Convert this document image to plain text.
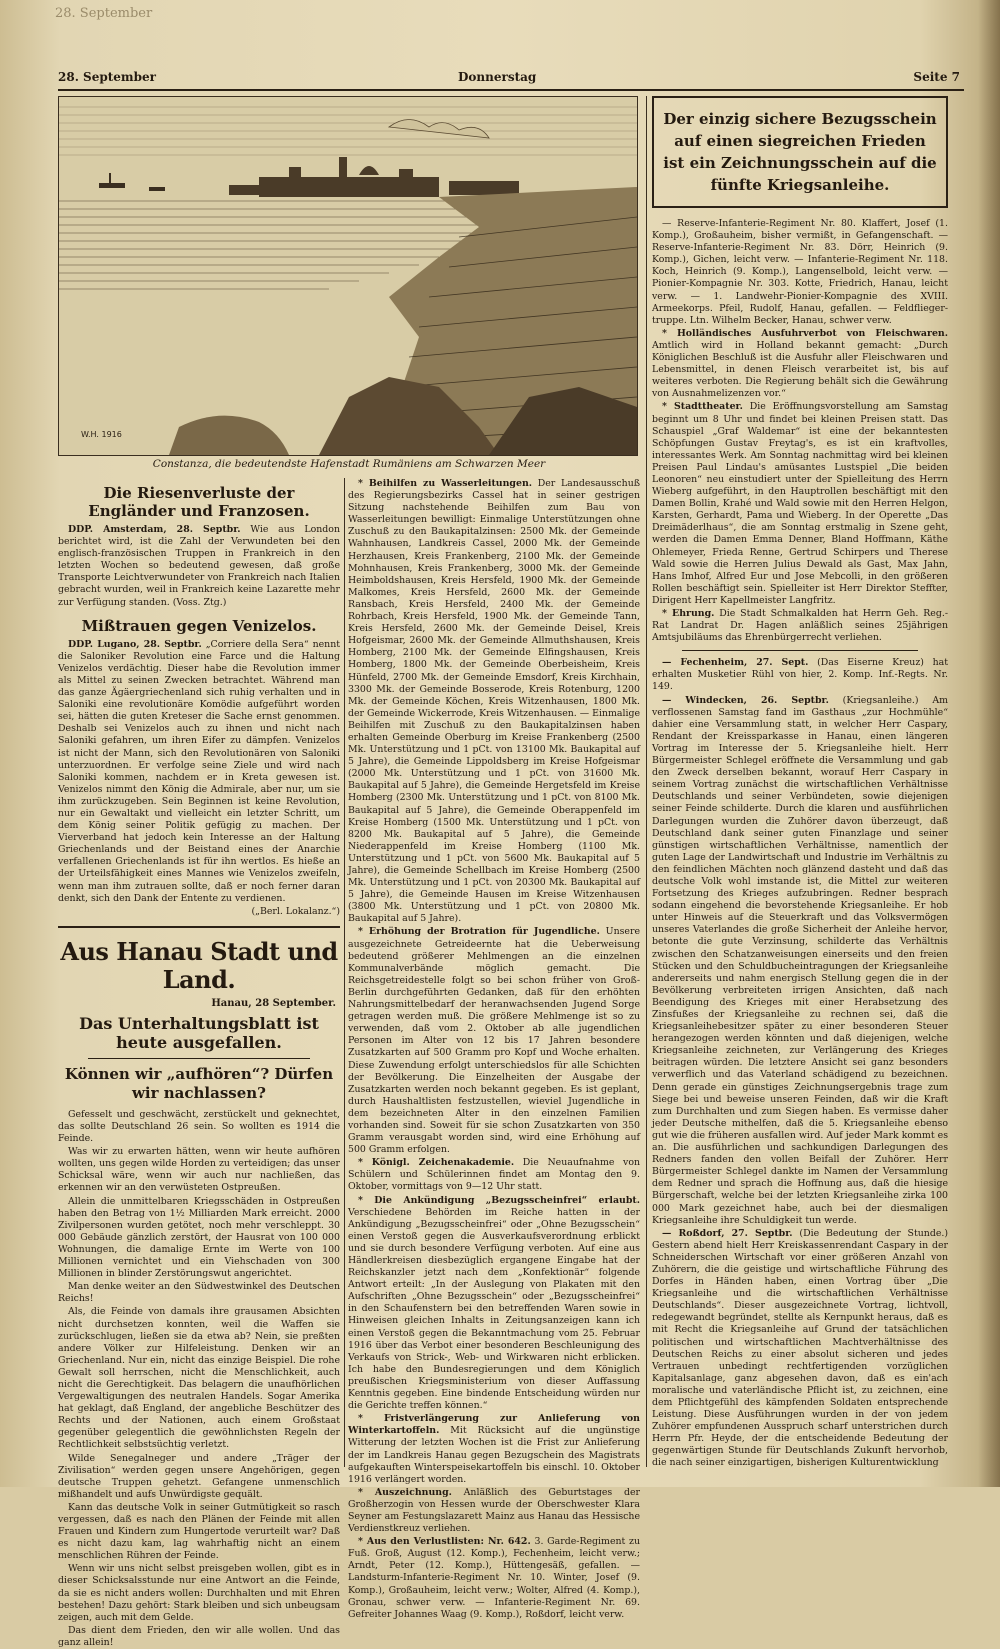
28. September
28. September	Donnerstag	Seite 7
W.H. 1916
Constanza, die bedeutendste Hafenstadt Rumäniens am Schwarzen Meer
Die Riesenverluste der Engländer und Franzosen.

DDP. Amsterdam, 28. Septbr. Wie aus London berichtet wird, ist die Zahl der Verwundeten bei den englisch-französischen Truppen in Frankreich in den letzten Wochen so bedeutend gewesen, daß große Transporte Leichtverwundeter von Frankreich nach Italien gebracht wurden, weil in Frankreich keine Lazarette mehr zur Verfügung standen. (Voss. Ztg.)

Mißtrauen gegen Venizelos.

DDP. Lugano, 28. Septbr. „Corriere della Sera“ nennt die Saloniker Revolution eine Farce und die Haltung Venizelos verdächtig. Dieser habe die Revolution immer als Mittel zu seinen Zwecken betrachtet. Während man das ganze Ägäergriechenland sich ruhig verhalten und in Saloniki eine revolutionäre Komödie aufgeführt worden sei, hätten die guten Kreteser die Sache ernst genommen. Deshalb sei Venizelos auch zu ihnen und nicht nach Saloniki gefahren, um ihren Eifer zu dämpfen. Venizelos ist nicht der Mann, sich den Revolutionären von Saloniki unterzuordnen. Er verfolge seine Ziele und wird nach Saloniki kommen, nachdem er in Kreta gewesen ist. Venizelos nimmt den König die Admirale, aber nur, um sie ihm zurückzugeben. Sein Beginnen ist keine Revolution, nur ein Gewaltakt und vielleicht ein letzter Schritt, um dem König seiner Politik gefügig zu machen. Der Vierverband hat jedoch kein Interesse an der Haltung Griechenlands und der Beistand eines der Anarchie verfallenen Griechenlands ist für ihn wertlos. Es hieße an der Urteilsfähigkeit eines Mannes wie Venizelos zweifeln, wenn man ihm zutrauen sollte, daß er noch ferner daran denkt, sich den Dank der Entente zu verdienen.

(„Berl. Lokalanz.“)

Aus Hanau Stadt und Land.
Hanau, 28 September.
Das Unterhaltungsblatt ist heute ausgefallen.
Können wir „aufhören“? Dürfen wir nachlassen?

Gefesselt und geschwächt, zerstückelt und geknechtet, das sollte Deutschland 26 sein. So wollten es 1914 die Feinde.

Was wir zu erwarten hätten, wenn wir heute aufhören wollten, uns gegen wilde Horden zu verteidigen; das unser Schicksal wäre, wenn wir auch nur nachließen, das erkennen wir an den verwüsteten Ostpreußen.

Allein die unmittelbaren Kriegsschäden in Ostpreußen haben den Betrag von 1½ Milliarden Mark erreicht. 2000 Zivilpersonen wurden getötet, noch mehr verschleppt. 30 000 Gebäude gänzlich zerstört, der Hausrat von 100 000 Wohnungen, die damalige Ernte im Werte von 100 Millionen vernichtet und ein Viehschaden von 300 Millionen in blinder Zerstörungswut angerichtet.

Man denke weiter an den Südwestwinkel des Deutschen Reichs!

Als, die Feinde von damals ihre grausamen Absichten nicht durchsetzen konnten, weil die Waffen sie zurückschlugen, ließen sie da etwa ab? Nein, sie preßten andere Völker zur Hilfeleistung. Denken wir an Griechenland. Nur ein, nicht das einzige Beispiel. Die rohe Gewalt soll herrschen, nicht die Menschlichkeit, auch nicht die Gerechtigkeit. Das belagern die unaufhörlichen Vergewaltigungen des neutralen Handels. Sogar Amerika hat geklagt, daß England, der angebliche Beschützer des Rechts und der Nationen, auch einem Großstaat gegenüber gelegentlich die gewöhnlichsten Regeln der Rechtlichkeit selbstsüchtig verletzt.

Wilde Senegalneger und andere „Träger der Zivilisation“ werden gegen unsere Angehörigen, gegen deutsche Truppen gehetzt. Gefangene unmenschlich mißhandelt und aufs Unwürdigste gequält.

Kann das deutsche Volk in seiner Gutmütigkeit so rasch vergessen, daß es nach den Plänen der Feinde mit allen Frauen und Kindern zum Hungertode verurteilt war? Daß es nicht dazu kam, lag wahrhaftig nicht an einem menschlichen Rühren der Feinde.

Wenn wir uns nicht selbst preisgeben wollen, gibt es in dieser Schicksalsstunde nur eine Antwort an die Feinde, da sie es nicht anders wollen: Durchhalten und mit Ehren bestehen! Dazu gehört: Stark bleiben und sich unbeugsam zeigen, auch mit dem Gelde.

Das dient dem Frieden, den wir alle wollen. Und das ganz allein!

* Beihilfen zu Wasserleitungen. Der Landesausschuß des Regierungsbezirks Cassel hat in seiner gestrigen Sitzung nachstehende Beihilfen zum Bau von Wasserleitungen bewilligt: Einmalige Unterstützungen ohne Zuschuß zu den Baukapitalzinsen: 2500 Mk. der Gemeinde Wahnhausen, Landkreis Cassel, 2000 Mk. der Gemeinde Herzhausen, Kreis Frankenberg, 2100 Mk. der Gemeinde Mohnhausen, Kreis Frankenberg, 3000 Mk. der Gemeinde Heimboldshausen, Kreis Hersfeld, 1900 Mk. der Gemeinde Malkomes, Kreis Hersfeld, 2600 Mk. der Gemeinde Ransbach, Kreis Hersfeld, 2400 Mk. der Gemeinde Rohrbach, Kreis Hersfeld, 1900 Mk. der Gemeinde Tann, Kreis Hersfeld, 2600 Mk. der Gemeinde Deisel, Kreis Hofgeismar, 2600 Mk. der Gemeinde Allmuthshausen, Kreis Homberg, 2100 Mk. der Gemeinde Elfingshausen, Kreis Homberg, 1800 Mk. der Gemeinde Oberbeisheim, Kreis Hünfeld, 2700 Mk. der Gemeinde Emsdorf, Kreis Kirchhain, 3300 Mk. der Gemeinde Bosserode, Kreis Rotenburg, 1200 Mk. der Gemeinde Köchen, Kreis Witzenhausen, 1800 Mk. der Gemeinde Wickerrode, Kreis Witzenhausen. — Einmalige Beihilfen mit Zuschuß zu den Baukapitalzinsen haben erhalten Gemeinde Oberburg im Kreise Frankenberg (2500 Mk. Unterstützung und 1 pCt. von 13100 Mk. Baukapital auf 5 Jahre), die Gemeinde Lippoldsberg im Kreise Hofgeismar (2000 Mk. Unterstützung und 1 pCt. von 31600 Mk. Baukapital auf 5 Jahre), die Gemeinde Hergetsfeld im Kreise Homberg (2300 Mk. Unterstützung und 1 pCt. von 8100 Mk. Baukapital auf 5 Jahre), die Gemeinde Oberappenfeld im Kreise Homberg (1500 Mk. Unterstützung und 1 pCt. von 8200 Mk. Baukapital auf 5 Jahre), die Gemeinde Niederappenfeld im Kreise Homberg (1100 Mk. Unterstützung und 1 pCt. von 5600 Mk. Baukapital auf 5 Jahre), die Gemeinde Schellbach im Kreise Homberg (2500 Mk. Unterstützung und 1 pCt. von 20300 Mk. Baukapital auf 5 Jahre), die Gemeinde Hausen im Kreise Witzenhausen (3800 Mk. Unterstützung und 1 pCt. von 20800 Mk. Baukapital auf 5 Jahre).

* Erhöhung der Brotration für Jugendliche. Unsere ausgezeichnete Getreideernte hat die Ueberweisung bedeutend größerer Mehlmengen an die einzelnen Kommunalverbände möglich gemacht. Die Reichsgetreidestelle folgt so bei schon früher von Groß-Berlin durchgeführten Gedanken, daß für den erhöhten Nahrungsmittelbedarf der heranwachsenden Jugend Sorge getragen werden muß. Die größere Mehlmenge ist so zu verwenden, daß vom 2. Oktober ab alle jugendlichen Personen im Alter von 12 bis 17 Jahren besondere Zusatzkarten auf 500 Gramm pro Kopf und Woche erhalten. Diese Zuwendung erfolgt unterschiedslos für alle Schichten der Bevölkerung. Die Einzelheiten der Ausgabe der Zusatzkarten werden noch bekannt gegeben. Es ist geplant, durch Haushaltlisten festzustellen, wieviel Jugendliche in dem bezeichneten Alter in den einzelnen Familien vorhanden sind. Soweit für sie schon Zusatzkarten von 350 Gramm verausgabt worden sind, wird eine Erhöhung auf 500 Gramm erfolgen.

* Königl. Zeichenakademie. Die Neuaufnahme von Schülern und Schülerinnen findet am Montag den 9. Oktober, vormittags von 9—12 Uhr statt.

* Die Ankündigung „Bezugsscheinfrei“ erlaubt. Verschiedene Behörden im Reiche hatten in der Ankündigung „Bezugsscheinfrei“ oder „Ohne Bezugsschein“ einen Verstoß gegen die Ausverkaufsverordnung erblickt und sie durch besondere Verfügung verboten. Auf eine aus Händlerkreisen diesbezüglich ergangene Eingabe hat der Reichskanzler jetzt nach dem „Konfektionär“ folgende Antwort erteilt: „In der Auslegung von Plakaten mit den Aufschriften „Ohne Bezugsschein“ oder „Bezugsscheinfrei“ in den Schaufenstern bei den betreffenden Waren sowie in Hinweisen gleichen Inhalts in Zeitungsanzeigen kann ich einen Verstoß gegen die Bekanntmachung vom 25. Februar 1916 über das Verbot einer besonderen Beschleunigung des Verkaufs von Strick-, Web- und Wirkwaren nicht erblicken. Ich habe den Bundesregierungen und dem Königlich preußischen Kriegsministerium von dieser Auffassung Kenntnis gegeben. Eine bindende Entscheidung würden nur die Gerichte treffen können.“

* Fristverlängerung zur Anlieferung von Winterkartoffeln. Mit Rücksicht auf die ungünstige Witterung der letzten Wochen ist die Frist zur Anlieferung der im Landkreis Hanau gegen Bezugschein des Magistrats aufgekauften Winterspeisekartoffeln bis einschl. 10. Oktober 1916 verlängert worden.

* Auszeichnung. Anläßlich des Geburtstages der Großherzogin von Hessen wurde der Oberschwester Klara Seyner am Festungslazarett Mainz aus Hanau das Hessische Verdienstkreuz verliehen.

* Aus den Verlustlisten: Nr. 642. 3. Garde-Regiment zu Fuß. Groß, August (12. Komp.), Fechenheim, leicht verw.; Arndt, Peter (12. Komp.), Hüttengesäß, gefallen. — Landsturm-Infanterie-Regiment Nr. 10. Winter, Josef (9. Komp.), Großauheim, leicht verw.; Wolter, Alfred (4. Komp.), Gronau, schwer verw. — Infanterie-Regiment Nr. 69. Gefreiter Johannes Waag (9. Komp.), Roßdorf, leicht verw.

Der einzig sichere Bezugsschein auf einen siegreichen Frieden ist ein Zeichnungsschein auf die fünfte Kriegsanleihe.

— Reserve-Infanterie-Regiment Nr. 80. Klaffert, Josef (1. Komp.), Großauheim, bisher vermißt, in Gefangenschaft. — Reserve-Infanterie-Regiment Nr. 83. Dörr, Heinrich (9. Komp.), Gichen, leicht verw. — Infanterie-Regiment Nr. 118. Koch, Heinrich (9. Komp.), Langenselbold, leicht verw. — Pionier-Kompagnie Nr. 303. Kotte, Friedrich, Hanau, leicht verw. — 1. Landwehr-Pionier-Kompagnie des XVIII. Armeekorps. Pfeil, Rudolf, Hanau, gefallen. — Feldflieger-truppe. Ltn. Wilhelm Becker, Hanau, schwer verw.

* Holländisches Ausfuhrverbot von Fleischwaren. Amtlich wird in Holland bekannt gemacht: „Durch Königlichen Beschluß ist die Ausfuhr aller Fleischwaren und Lebensmittel, in denen Fleisch verarbeitet ist, bis auf weiteres verboten. Die Regierung behält sich die Gewährung von Ausnahmelizenzen vor.“

* Stadttheater. Die Eröffnungsvorstellung am Samstag beginnt um 8 Uhr und findet bei kleinen Preisen statt. Das Schauspiel „Graf Waldemar“ ist eine der bekanntesten Schöpfungen Gustav Freytag's, es ist ein kraftvolles, interessantes Werk. Am Sonntag nachmittag wird bei kleinen Preisen Paul Lindau's amüsantes Lustspiel „Die beiden Leonoren“ neu einstudiert unter der Spielleitung des Herrn Wieberg aufgeführt, in den Hauptrollen beschäftigt mit den Damen Bollin, Krahé und Wald sowie mit den Herren Helgon, Karsten, Gerhardt, Pama und Wieberg. In der Operette „Das Dreimäderlhaus“, die am Sonntag erstmalig in Szene geht, werden die Damen Emma Denner, Bland Hoffmann, Käthe Ohlemeyer, Frieda Renne, Gertrud Schirpers und Therese Wald sowie die Herren Julius Dewald als Gast, Max Jahn, Hans Imhof, Alfred Eur und Jose Mebcolli, in den größeren Rollen beschäftigt sein. Spielleiter ist Herr Direktor Steffter, Dirigent Herr Kapellmeister Langfritz.

* Ehrung. Die Stadt Schmalkalden hat Herrn Geh. Reg.-Rat Landrat Dr. Hagen anläßlich seines 25jährigen Amtsjubiläums das Ehrenbürgerrecht verliehen.

— Fechenheim, 27. Sept. (Das Eiserne Kreuz) hat erhalten Musketier Rühl von hier, 2. Komp. Inf.-Regts. Nr. 149.

— Windecken, 26. Septbr. (Kriegsanleihe.) Am verflossenen Samstag fand im Gasthaus „zur Hochmühle“ dahier eine Versammlung statt, in welcher Herr Caspary, Rendant der Kreissparkasse in Hanau, einen längeren Vortrag im Interesse der 5. Kriegsanleihe hielt. Herr Bürgermeister Schlegel eröffnete die Versammlung und gab den Zweck derselben bekannt, worauf Herr Caspary in seinem Vortrag zunächst die wirtschaftlichen Verhältnisse Deutschlands und seiner Verbündeten, sowie diejenigen seiner Feinde schilderte. Durch die klaren und ausführlichen Darlegungen wurden die Zuhörer davon überzeugt, daß Deutschland dank seiner guten Finanzlage und seiner günstigen wirtschaftlichen Verhältnisse, namentlich der guten Lage der Landwirtschaft und Industrie im Verhältnis zu den feindlichen Mächten noch glänzend dasteht und daß das deutsche Volk wohl imstande ist, die Mittel zur weiteren Fortsetzung des Krieges aufzubringen. Redner besprach sodann eingehend die bevorstehende Kriegsanleihe. Er hob unter Hinweis auf die Steuerkraft und das Volksvermögen unseres Vaterlandes die große Sicherheit der Anleihe hervor, betonte die gute Verzinsung, schilderte das Verhältnis zwischen den Schatzanweisungen einerseits und den freien Stücken und den Schuldbucheintragungen der Kriegsanleihe andererseits und nahm energisch Stellung gegen die in der Bevölkerung verbreiteten irrigen Ansichten, daß nach Beendigung des Krieges mit einer Herabsetzung des Zinsfußes der Kriegsanleihe zu rechnen sei, daß die Kriegsanleihebesitzer später zu einer besonderen Steuer herangezogen werden könnten und daß diejenigen, welche Kriegsanleihe zeichneten, zur Verlängerung des Krieges beitragen würden. Die letztere Ansicht sei ganz besonders verwerflich und das Vaterland schädigend zu bezeichnen. Denn gerade ein günstiges Zeichnungsergebnis trage zum Siege bei und beweise unseren Feinden, daß wir die Kraft zum Durchhalten und zum Siegen haben. Es vermisse daher jeder Deutsche mithelfen, daß die 5. Kriegsanleihe ebenso gut wie die früheren ausfallen wird. Auf jeder Mark kommt es an. Die ausführlichen und sachkundigen Darlegungen des Redners fanden den vollen Beifall der Zuhörer. Herr Bürgermeister Schlegel dankte im Namen der Versammlung dem Redner und sprach die Hoffnung aus, daß die hiesige Bürgerschaft, welche bei der letzten Kriegsanleihe zirka 100 000 Mark gezeichnet habe, auch bei der diesmaligen Kriegsanleihe ihre Schuldigkeit tun werde.

— Roßdorf, 27. Septbr. (Die Bedeutung der Stunde.) Gestern abend hielt Herr Kreiskassenrendant Caspary in der Schneiderschen Wirtschaft vor einer größeren Anzahl von Zuhörern, die die geistige und wirtschaftliche Führung des Dorfes in Händen haben, einen Vortrag über „Die Kriegsanleihe und die wirtschaftlichen Verhältnisse Deutschlands“. Dieser ausgezeichnete Vortrag, lichtvoll, redegewandt begründet, stellte als Kernpunkt heraus, daß es mit Recht die Kriegsanleihe auf Grund der tatsächlichen politischen und wirtschaftlichen Machtverhältnisse des Deutschen Reichs zu einer absolut sicheren und jedes Vertrauen unbedingt rechtfertigenden vorzüglichen Kapitalsanlage, ganz abgesehen davon, daß es ein'ach moralische und vaterländische Pflicht ist, zu zeichnen, eine dem Pflichtgefühl des kämpfenden Soldaten entsprechende Leistung. Diese Ausführungen wurden in der von jedem Zuhörer empfundenen Ausspruch scharf unterstrichen durch Herrn Pfr. Heyde, der die entscheidende Bedeutung der gegenwärtigen Stunde für Deutschlands Zukunft hervorhob, die nach seiner einzigartigen, bisherigen Kulturentwicklung
